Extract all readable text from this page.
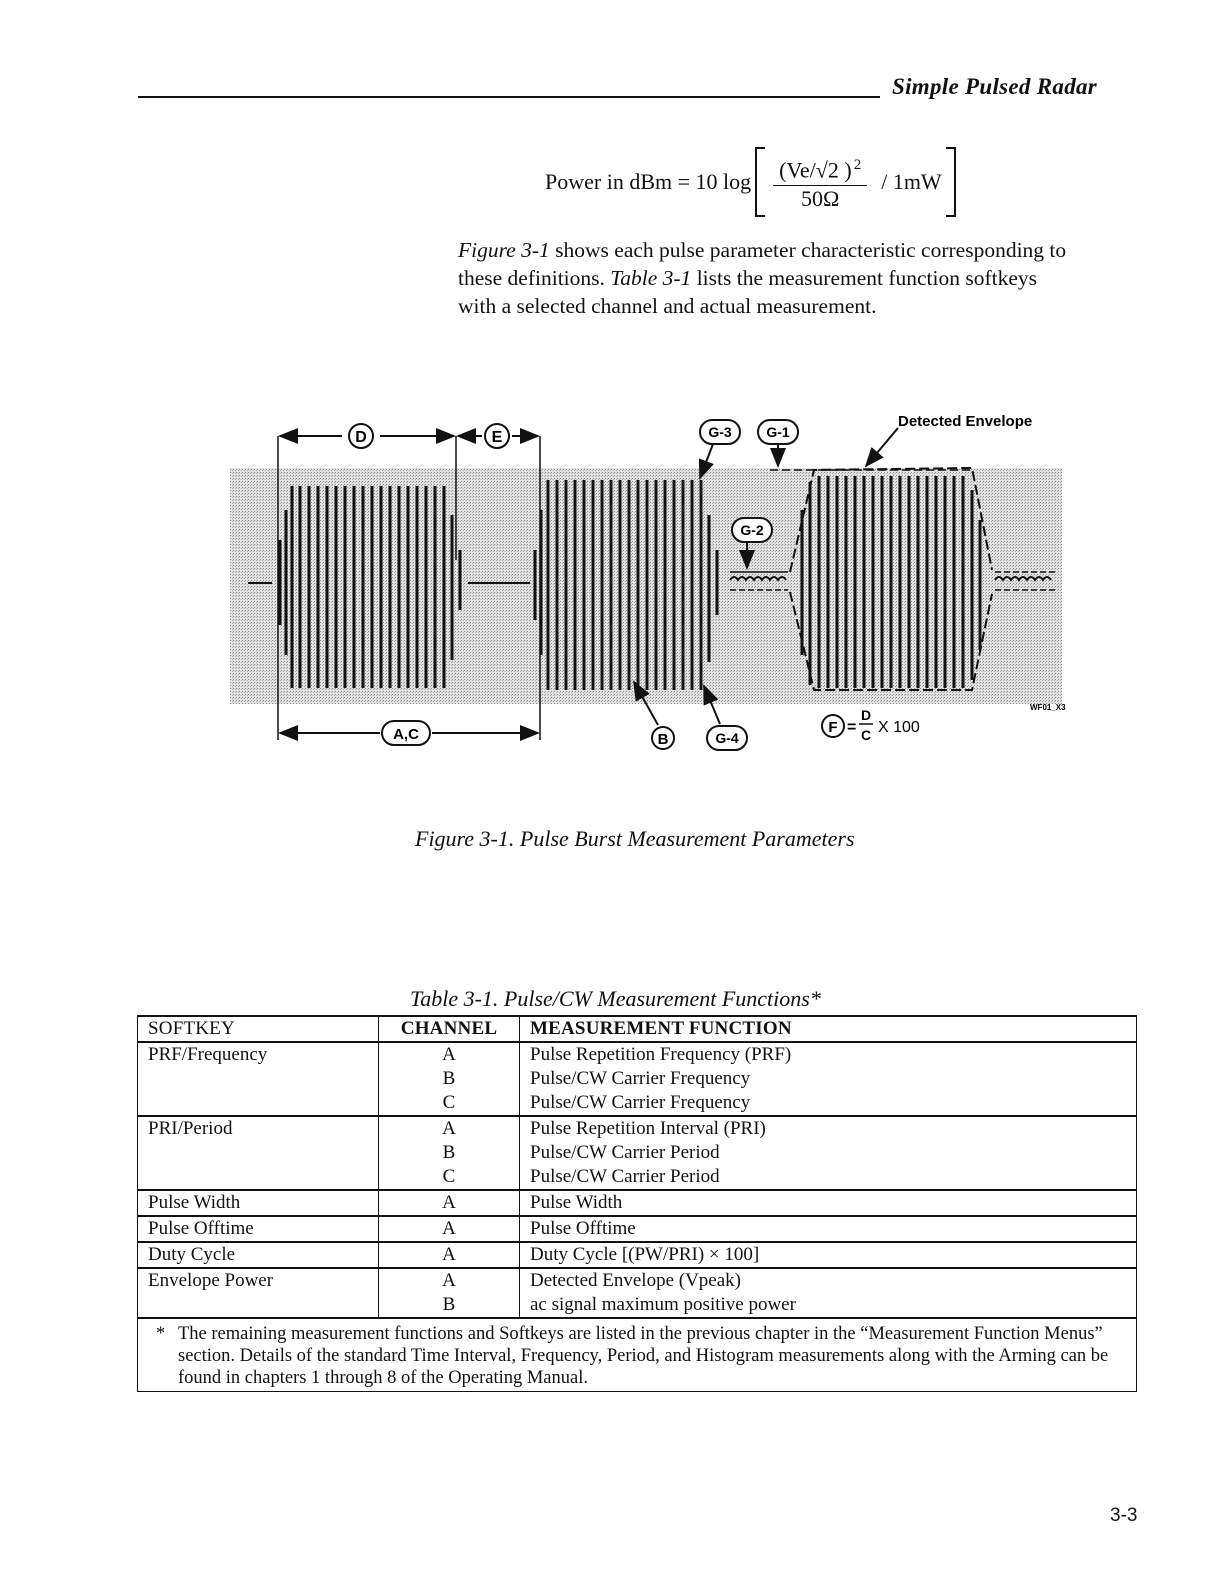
Simple Pulsed Radar
Power in dBm = 10 $\log \frac{(Ve/√2 ) ^2}{50\Omega} / 1mW$
Figure 3-1 shows each pulse parameter characteristic corresponding to these definitions. Table 3-1 lists the measurement function softkeys with a selected channel and actual measurement.
D	E
A,C
G-3 G-1
Detected Envelope
G-2
B	G-4
F =
D
C X 100
WF01_X3
Figure 3-1. Pulse Burst Measurement Parameters
Table 3-1. Pulse/CW Measurement Functions*
SOFTKEY	CHANNEL	MEASUREMENT FUNCTION
PRF/Frequency	A	Pulse Repetition Frequency (PRF)
	B	Pulse/CW Carrier Frequency
	C	Pulse/CW Carrier Frequency
PRI/Period	A	Pulse Repetition Interval (PRI)
	B	Pulse/CW Carrier Period
	C	Pulse/CW Carrier Period
Pulse Width	A	Pulse Width
Pulse Offtime	A	Pulse Offtime
Duty Cycle	A	Duty Cycle [(PW/PRI) × 100]
Envelope Power	A	Detected Envelope (Vpeak)
	B	ac signal maximum positive power
* The remaining measurement functions and Softkeys are listed in the previous chapter in the “Measurement Function Menus” section. Details of the standard Time Interval, Frequency, Period, and Histogram measurements along with the Arming can be found in chapters 1 through 8 of the Operating Manual.		
3-3
